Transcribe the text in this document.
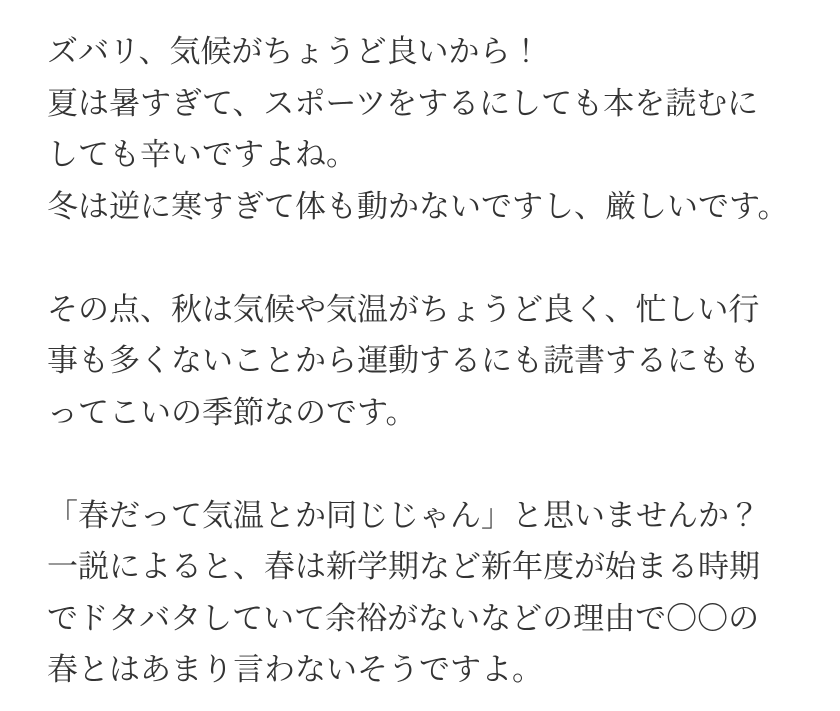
ズバリ、気候がちょうど良いから！
夏は暑すぎて、スポーツをするにしても本を読むに
しても辛いですよね。
冬は逆に寒すぎて体も動かないですし、厳しいです。

その点、秋は気候や気温がちょうど良く、忙しい行
事も多くないことから運動するにも読書するにもも
ってこいの季節なのです。

「春だって気温とか同じじゃん」と思いませんか？
一説によると、春は新学期など新年度が始まる時期
でドタバタしていて余裕がないなどの理由で〇〇の
春とはあまり言わないそうですよ。
